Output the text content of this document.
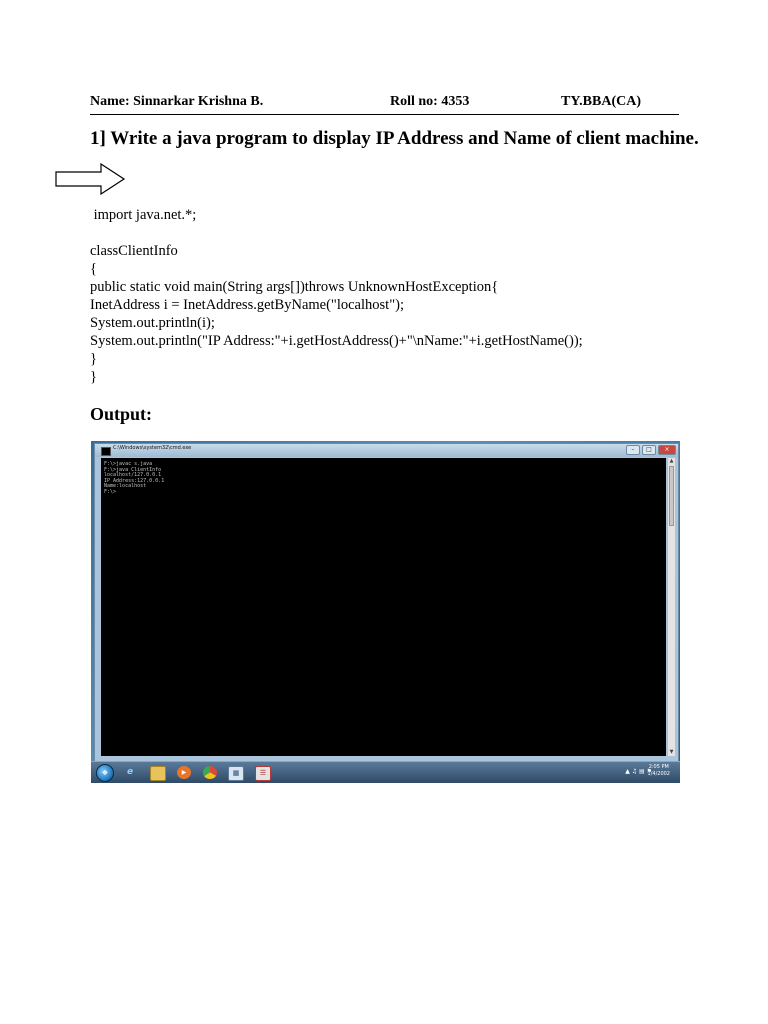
Name: Sinnarkar Krishna B.	Roll no: 4353	TY.BBA(CA)
1] Write a java program to display IP Address and Name of client machine.
import java.net.*;
classClientInfo
{
public static void main(String args[])throws UnknownHostException{
InetAddress i = InetAddress.getByName("localhost");
System.out.println(i);
System.out.println("IP Address:"+i.getHostAddress()+"\nName:"+i.getHostName());
}
}
Output:
C:\Windows\system32\cmd.exe	–	□	×
F:\>javac s.java
F:\>java ClientInfo
localhost/127.0.0.1
IP Address:127.0.0.1
Name:localhost
F:\>
▲
▼
❖	e	▶	▦	☰	▲ ♫ ▤ ⚑
2:05 PM
1/4/2002
